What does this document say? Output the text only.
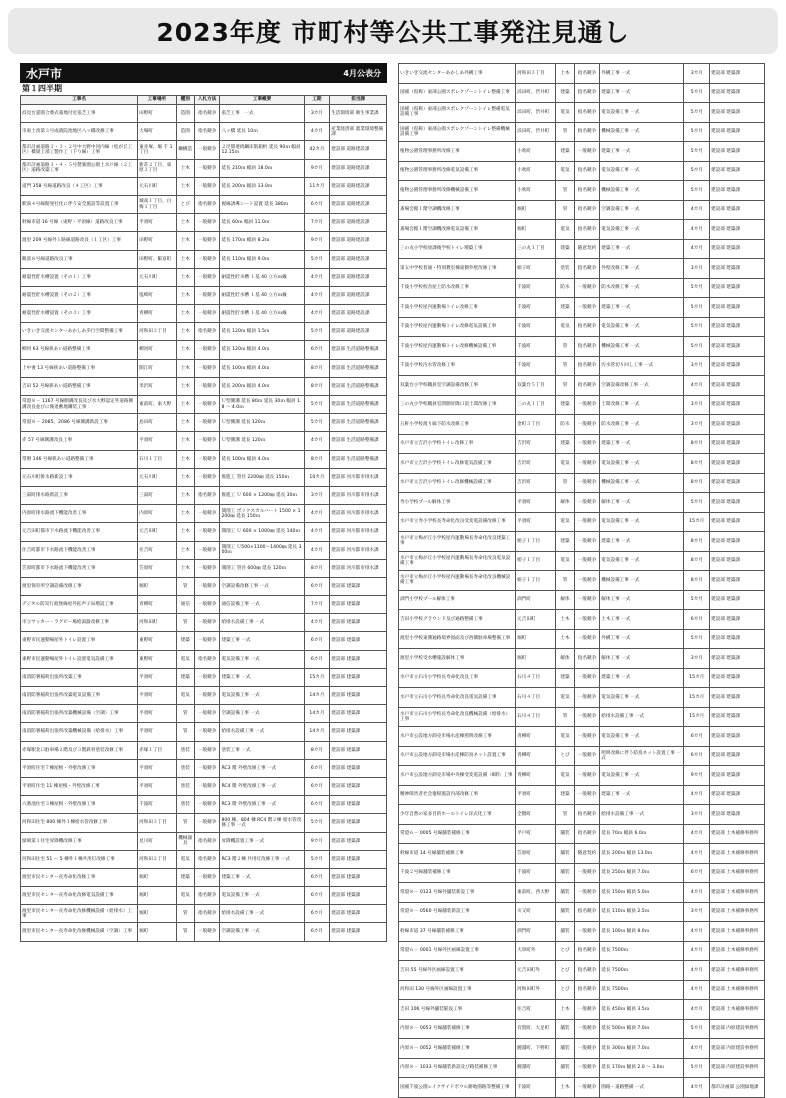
2023年度 市町村等公共工事発注見通し
水戸市	4月公表分
第１四半期
工事名	工事場所	種別	入札方法	工事概要	工期	担当課
浜見台霊園合葬式墓地付近張芝工事	田野町	造園	指名競争	張芝工事　一式	3カ月	生活環境部 衛生事業課
市東土改第３号成就院池地区八ッ橋改修工事	大場町	造園	指名競争	八ッ橋 延長 10ｍ	4カ月	産業経済部 農業環境整備課
都市計画道路３・３・２号中大野中河内線（松が丘工区）橋梁上部工製作工（下り線）工事	東赤塚、堀 千 1丁目	鋼構造	一般競争	２径間連続鋼床版箱桁 延長 90ｍ 幅員 12.15ｍ	42カ月	建設部 道路建設課
都市計画道路３・４・５号偕楽園公園上水戸線（２工区）道路改築工事	新荘２丁目、東原３丁目	土木	一般競争	延長 210ｍ 幅員 18.0ｍ	9カ月	建設部 道路建設課
道門 358 号線道路改良（４工区）工事	元石川町	土木	一般競争	延長 200ｍ 幅員 13.0ｍ	11カ月	建設部 道路建設課
駅南４号線開発社化に伴う安全施設等設置工事	城南１丁目、白梅１丁目	とび	指名競争	視線誘導シート設置 延長 380ｍ	6カ月	建設部 道路建設課
幹線市道 16 号線（東野・平須線）道路改良工事	平須町	土木	一般競争	延長 60ｍ 幅員 11.0ｍ	7カ月	建設部 道路建設課
渡里 209 号線外１路線道路改良（１工区）工事	田野町	土木	一般競争	延長 170ｍ 幅員 8.2ｍ	9カ月	建設部 道路建設課
飯富８号線道路改良工事	田野町、飯富町	土木	一般競争	延長 110ｍ 幅員 9.0ｍ	5カ月	建設部 道路建設課
耐震性貯水槽設置（その１）工事	元石川町	土木	一般競争	耐震性貯水槽 １基 40 立方ｍ級	4カ月	建設部 道路建設課
耐震性貯水槽設置（その２）工事	塩崎町	土木	一般競争	耐震性貯水槽 １基 40 立方ｍ級	4カ月	建設部 道路建設課
耐震性貯水槽設置（その３）工事	青柳町	土木	一般競争	耐震性貯水槽 １基 40 立方ｍ級	4カ月	建設部 道路建設課
いきいき交流センターあかしあ歩行空間整備工事	河和田３丁目	土木	指名競争	延長 120ｍ 幅員 1.5ｍ	5カ月	建設部 道路建設課
柳河 63 号線狭あい道路整備工事	柳河町	土木	一般競争	延長 120ｍ 幅員 4.0ｍ	6カ月	建設部 生活道路整備課
上中妻 13 号線狭あい道路整備工事	開江町	土木	一般競争	延長 100ｍ 幅員 4.0ｍ	8カ月	建設部 生活道路整備課
吉田 52 号線狭あい道路整備工事	米沢町	土木	一般競争	延長 200ｍ 幅員 4.0ｍ	8カ月	建設部 生活道路整備課
常澄８－ 1167 号線側溝改良及び水大野認定外道路側溝改良並びに後退敷地購装工事	東前町、東大野	土木	一般競争	Ｕ型側溝 延長 80ｍ 延長 30ｍ 幅員 1.8 ～ 4.0ｍ	5カ月	建設部 生活道路整備課
常澄８－ 2085、2086 号線側溝新設工事	島田町	土木	一般競争	Ｕ型側溝 延長 120ｍ	5カ月	建設部 生活道路整備課
赤 57 号線側溝改良工事	平須町	土木	一般競争	Ｕ型側溝 延長 120ｍ	4カ月	建設部 生活道路整備課
常磐 146 号線狭あい道路整備工事	石川１丁目	土木	一般競争	延長 100ｍ 幅員 4.0ｍ	8カ月	建設部 生活道路整備課
元石川町排水路新設工事	元石川町	土木	一般競争	推進工 管径 2200㎜ 延長 150ｍ	10カ月	建設部 河川都市排水課
三湯町排水路新設工事	三湯町	土木	指名競争	推進工 Ｕ 600 × 1200㎜ 延長 30ｍ	3カ月	建設部 河川都市排水課
内原町排水路流下機能改善工事	内原町	土木	一般競争	開削工 ボックスカルバート 1500 × 1200㎜ 延長 150ｍ	4カ月	建設部 河川都市排水課
元吉田町都市下水路流下機能改善工事	元吉田町	土木	一般競争	開削工 Ｕ 600 × 1000㎜ 延長 140ｍ	4カ月	建設部 河川都市排水課
住吉町都市下水路流下機能改善工事	住吉町	土木	一般競争	開削工 Ｕ500×1100～1400㎜ 延長 300ｍ	4カ月	建設部 河川都市排水課
笠原町都市下水路流下機能改善工事	笠原町	土木	一般競争	開削工 管径 600㎜ 延長 120ｍ	8カ月	建設部 河川都市排水課
渡里保育所空調設備改修工事	堀町	管	一般競争	空調設備改修工事 一式	6カ月	建設部 建築課
デジタル防災行政無線屋外拡声子局増設工事	青柳町	通信	一般競争	通信設備工事 一式	7カ月	建設部 建築課
市立サッカー・ラグビー場給湯器改修工事	河和田町	管	一般競争	給排水設備工事 一式	4カ月	建設部 建築課
東野市民運動場屋外トイレ設置工事	東野町	建築	一般競争	建築工事 一式	6カ月	建設部 建築課
東野市民運動場屋外トイレ設置電気設備工事	東野町	電気	指名競争	電気設備工事 一式	6カ月	建設部 建築課
南消防署稲荷出張所改築工事	平須町	建築	一般競争	建築工事 一式	15カ月	建設部 建築課
南消防署稲荷出張所改築電気設備工事	平須町	電気	一般競争	電気設備工事 一式	14カ月	建設部 建築課
南消防署稲荷出張所改築機械設備（空調）工事	平須町	管	一般競争	空調設備工事 一式	14カ月	建設部 建築課
南消防署稲荷出張所改築機械設備（給排水）工事	平須町	管	一般競争	給排水設備工事 一式	14カ月	建設部 建築課
赤塚駅北口駐車場２階及び３階鉄骨塗装改修工事	赤塚１丁目	塗装	一般競争	塗装工事 一式	8カ月	建設部 建築課
平須町住宅７棟屋根・外壁改修工事	平須町	塗装	一般競争	RC3 階 外壁改修工事 一式	6カ月	建設部 建築課
平須町住宅 11 棟屋根・外壁改修工事	平須町	塗装	一般競争	RC4 階 外壁改修工事 一式	6カ月	建設部 建築課
六番池住宅３棟屋根・外壁改修工事	千波町	塗装	一般競争	RC3 階 外壁改修工事 一式	6カ月	建設部 建築課
河和田住宅 800 棟外１棟給水管改修工事	河和田３丁目	管	一般競争	800 棟、804 棟 RC4 階２棟 給水管改修工事 一式	5カ月	建設部 建築課
緑岡第１住宅昇降機改修工事	見川町	機械器具	指名競争	昇降機設置工事 一式	9カ月	建設部 建築課
河和田住宅 51 － 5 棟外１棟共用灯改修工事	河和田２丁目	電気	指名競争	RC3 階２棟 共用灯改修工事 一式	5カ月	建設部 建築課
渡里市民センター長寿命化改修工事	堀町	建築	一般競争	建築工事 一式	6カ月	建設部 建築課
渡里市民センター長寿命化改修電気設備工事	堀町	電気	指名競争	電気設備工事 一式	6カ月	建設部 建築課
渡里市民センター長寿命化改修機械設備（給排水）工事	堀町	管	指名競争	給排水設備工事 一式	6カ月	建設部 建築課
渡里市民センター長寿命化改修機械設備（空調）工事	堀町	管	一般競争	空調設備工事 一式	6カ月	建設部 建築課
いきいき交流センターあかしあ外構工事	河和田３丁目	土木	指名競争	外構工事 一式	3カ月	建設部 建築課
国補（仮称）東部公園スポレクゾーントイレ整備工事	浜田町、渋井町	建築	指名競争	建築工事 一式	5カ月	建設部 建築課
国補（仮称）東部公園スポレクゾーントイレ整備電気設備工事	浜田町、渋井町	電気	指名競争	電気設備工事 一式	5カ月	建設部 建築課
国補（仮称）東部公園スポレクゾーントイレ整備機械設備工事	浜田町、渋井町	管	指名競争	機械設備工事 一式	5カ月	建設部 建築課
植物公園管理事務所改修工事	小吹町	建築	一般競争	建築工事 一式	5カ月	建設部 建築課
植物公園管理事務所改修電気設備工事	小吹町	電気	指名競争	電気設備工事 一式	5カ月	建設部 建築課
植物公園管理事務所改修機械設備工事	小吹町	管	指名競争	機械設備工事 一式	5カ月	建設部 建築課
斎場会館１階空調機改修工事	堀町	管	指名競争	空調設備工事 一式	4カ月	建設部 建築課
斎場会館１階空調機改修電気設備工事	堀町	電気	指名競争	電気設備工事 一式	4カ月	建設部 建築課
三の丸小学校放課後学校トイレ増築工事	三の丸１丁目	建築	随意契約	建築工事 一式	4カ月	建設部 建築課
第五中学校普通・特別教室棟東側外壁改修工事	姫子町	塗装	指名競争	外壁改修工事 一式	3カ月	建設部 建築課
千波小学校校舎屋上防水改修工事	千波町	防水	一般競争	防水改修工事 一式	5カ月	建設部 建築課
千波小学校屋内運動場トイレ改修工事	千波町	建築	一般競争	建築工事 一式	5カ月	建設部 建築課
千波小学校屋内運動場トイレ改修電気設備工事	千波町	電気	指名競争	電気設備工事 一式	5カ月	建設部 建築課
千波小学校屋内運動場トイレ改修機械設備工事	千波町	管	指名競争	機械設備工事 一式	5カ月	建設部 建築課
千波小学校汚水管改修工事	千波町	管	指名競争	汚水管切り回し工事 一式	3カ月	建設部 建築課
双葉台小学校職員室空調設備改修工事	双葉台５丁目	管	指名競争	空調設備改修工事 一式	4カ月	建設部 建築課
三の丸小学校職員室間側昇降口前土間改修工事	三の丸１丁目	建築	一般競争	土間改修工事 一式	3カ月	建設部 建築課
五軒小学校渡り廊下防水改修工事	金町３丁目	防水	一般競争	防水改修工事 一式	3カ月	建設部 建築課
水戸市立吉沢小学校トイレ改修工事	吉沢町	建築	一般競争	建築工事 一式	8カ月	建設部 建築課
水戸市立吉沢小学校トイレ改修電気設備工事	吉沢町	電気	一般競争	電気設備工事 一式	8カ月	建設部 建築課
水戸市立吉沢小学校トイレ改修機械設備工事	吉沢町	管	一般競争	機械設備工事 一式	8カ月	建設部 建築課
寿小学校プール解体工事	平須町	解体	一般競争	解体工事 一式	5カ月	建設部 建築課
水戸市立寿小学校長寿命化改良受変電設備改修工事	平須町	電気	一般競争	電気設備工事 一式	15カ月	建設部 建築課
水戸市立梅が丘小学校屋内運動場長寿命化改良建築工事	姫子１丁目	建築	一般競争	建築工事 一式	8カ月	建設部 建築課
水戸市立梅が丘小学校屋内運動場長寿命化改良電気設備工事	姫子１丁目	電気	一般競争	電気設備工事 一式	8カ月	建設部 建築課
水戸市立梅が丘小学校屋内運動場長寿命化改良機械設備工事	姫子１丁目	管	一般競争	機械設備工事 一式	8カ月	建設部 建築課
酒門小学校プール解体工事	酒門町	解体	一般競争	解体工事 一式	5カ月	建設部 建築課
吉田小学校グラウンド及び通路整備工事	元吉田町	土木	一般競争	土木工事 一式	6カ月	建設部 建築課
渡里小学校東側通路境界図面及び西側駐車場整備工事	堀町	土木	一般競争	外構工事 一式	5カ月	建設部 建築課
渡里小学校受水槽施設解体工事	堀町	解体	指名競争	解体工事 一式	3カ月	建設部 建築課
水戸市立石川小学校長寿命化改良工事	石川４丁目	建築	一般競争	建築工事 一式	15カ月	建設部 建築課
水戸市立石川小学校長寿命化改良電気設備工事	石川４丁目	電気	一般競争	電気設備工事 一式	15カ月	建設部 建築課
水戸市立石川小学校長寿命化改良機械設備（給排水）工事	石川４丁目	管	一般競争	給排水設備工事 一式	15カ月	建設部 建築課
水戸市公設地方卸売市場水産棟照明改修工事	青柳町	電気	一般競争	電気設備工事 一式	6カ月	建設部 建築課
水戸市公設地方卸売市場水産棟防鳥ネット設置工事	青柳町	とび	一般競争	照明改修に伴う防鳥ネット設置工事 一式	6カ月	建設部 建築課
水戸市公設地方卸売市場中央棟受変電設備（Ⅱ期）工事	青柳町	電気	一般競争	電気設備工事 一式	9カ月	建設部 建築課
精神障害者社会復帰施設内部改修工事	平須町	建築	一般競争	建築工事 一式	4カ月	建設部 建築課
少年自然の家多目的ホールトイレ洋式化工事	全隈町	管	指名競争	給排水設備工事 一式	3カ月	建設部 建築課
常澄６－ 0005 号線舗装補修工事	平戸町	舗装	指名競争	延長 70ｍ 幅員 6.0ｍ	4カ月	建設部 土木補修事務所
幹線市道 14 号線舗装補修工事	笠原町	舗装	随意契約	延長 200ｍ 幅員 13.0ｍ	4カ月	建設部 土木補修事務所
千波２号線舗装補修工事	千波町	舗装	一般競争	延長 250ｍ 幅員 7.0ｍ	6カ月	建設部 土木補修事務所
常澄８－ 0123 号線外舗装新設工事	東前町、西大野	舗装	一般競争	延長 150ｍ 幅員 5.0ｍ	4カ月	建設部 土木補修事務所
常澄８－ 0560 号線舗装新設工事	川又町	舗装	指名競争	延長 110ｍ 幅員 2.5ｍ	3カ月	建設部 土木補修事務所
幹線市道 37 号線舗装補修工事	酒門町	舗装	一般競争	延長 100ｍ 幅員 8.0ｍ	4カ月	建設部 土木補修事務所
常澄６－ 0001 号線外区画線設置工事	大串町外	とび	指名競争	延長 7500ｍ	4カ月	建設部 土木補修事務所
吉田 55 号線外区画線設置工事	元吉田町外	とび	指名競争	延長 7500ｍ	4カ月	建設部 土木補修事務所
河和田 130 号線外区画線設置工事	河和田町外	とび	指名競争	延長 7500ｍ	4カ月	建設部 土木補修事務所
吉田 106 号線外舗装陥没工事	住吉町	土木	一般競争	延長 450ｍ 幅員 3.5ｍ	4カ月	建設部 土木補修事務所
内原８－ 0053 号線舗装補修工事	有賀町、大足町	舗装	一般競争	延長 500ｍ 幅員 7.0ｍ	5カ月	建設部 内原建設事務所
内原８－ 0052 号線舗装補修工事	鯉淵町、下野町	舗装	一般競争	延長 300ｍ 幅員 7.0ｍ	4カ月	建設部 内原建設事務所
内原８－ 1033 号線舗装新設及び路装補修工事	鯉淵町	舗装	一般競争	延長 170ｍ 幅員 2.0 ～ 3.0ｍ	5カ月	建設部 内原建設事務所
国補千波公園レイクサイドボウル跡地園路等整備工事	千波町	土木	一般競争	園路・道路整備 一式	4カ月	都市計画部 公園緑地課
